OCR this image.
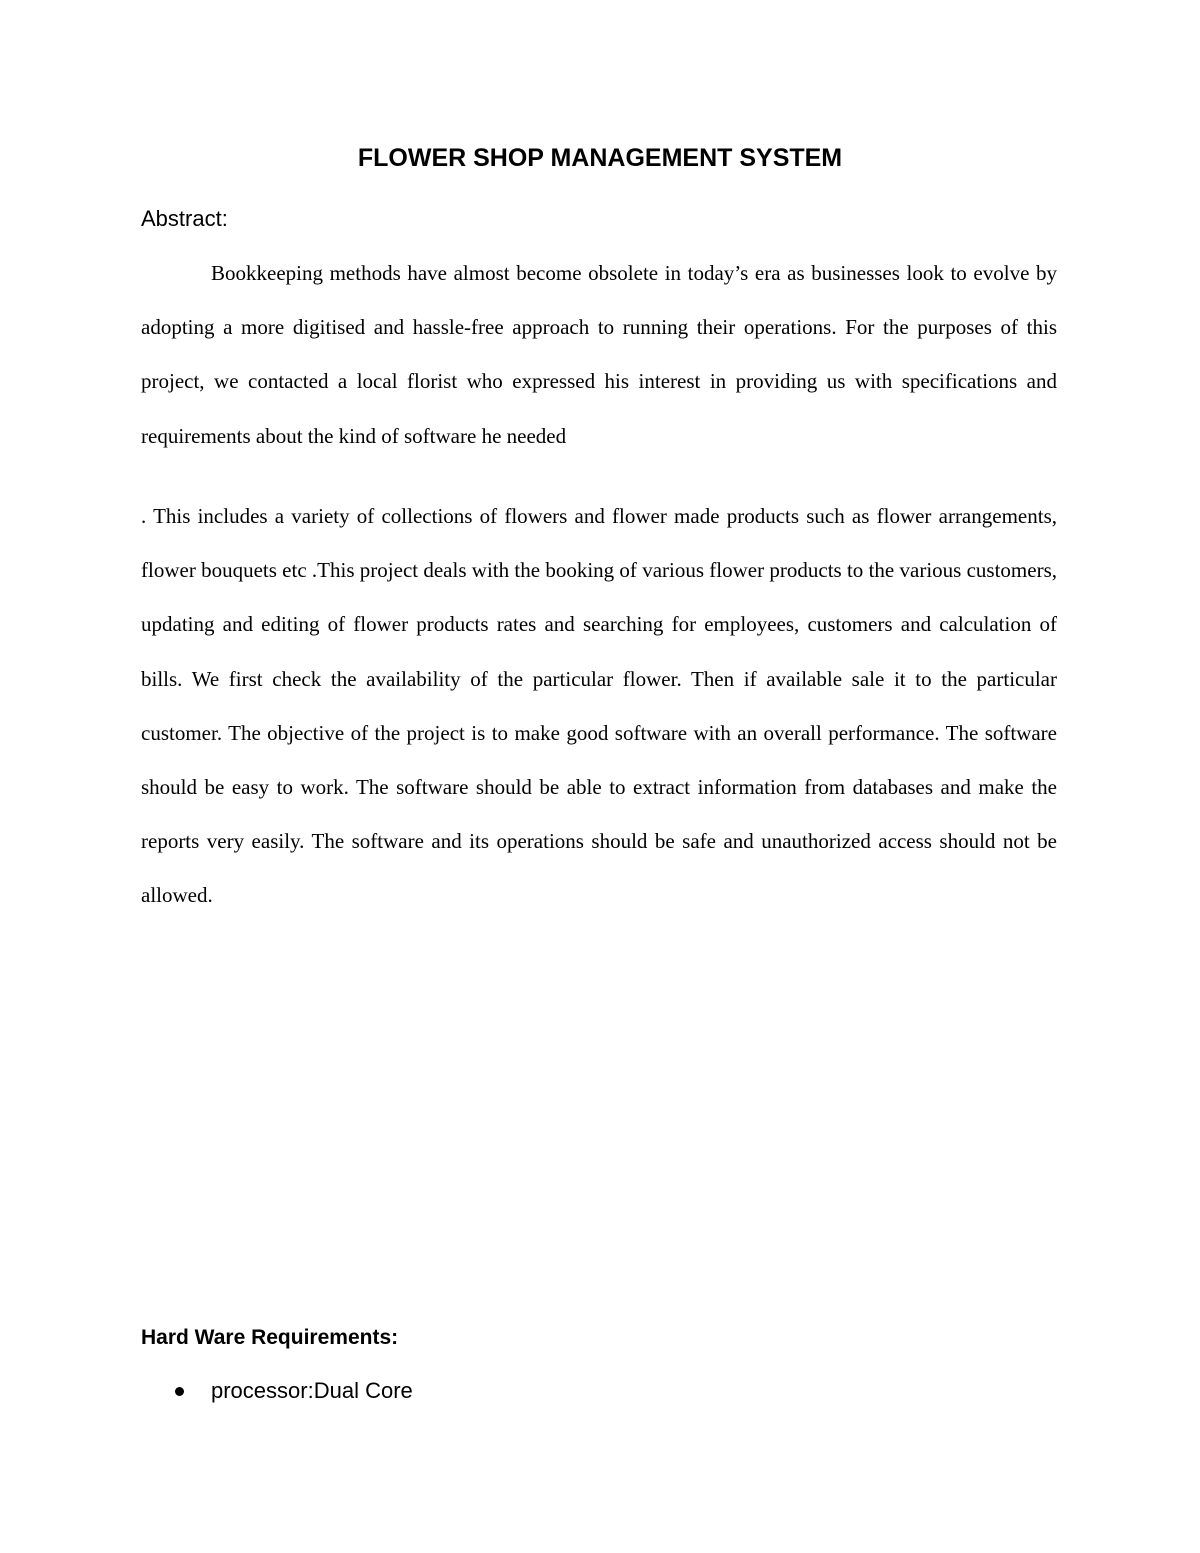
FLOWER SHOP MANAGEMENT SYSTEM

Abstract:

Bookkeeping methods have almost become obsolete in today’s era as businesses look to evolve by adopting a more digitised and hassle-free approach to running their operations. For the purposes of this project, we contacted a local florist who expressed his interest in providing us with specifications and requirements about the kind of software he needed

. This includes a variety of collections of flowers and flower made products such as flower arrangements, flower bouquets etc .This project deals with the booking of various flower products to the various customers, updating and editing of flower products rates and searching for employees, customers and calculation of bills. We first check the availability of the particular flower. Then if available sale it to the particular customer. The objective of the project is to make good software with an overall performance. The software should be easy to work. The software should be able to extract information from databases and make the reports very easily. The software and its operations should be safe and unauthorized access should not be allowed.

Hard Ware Requirements:
processor:Dual Core
